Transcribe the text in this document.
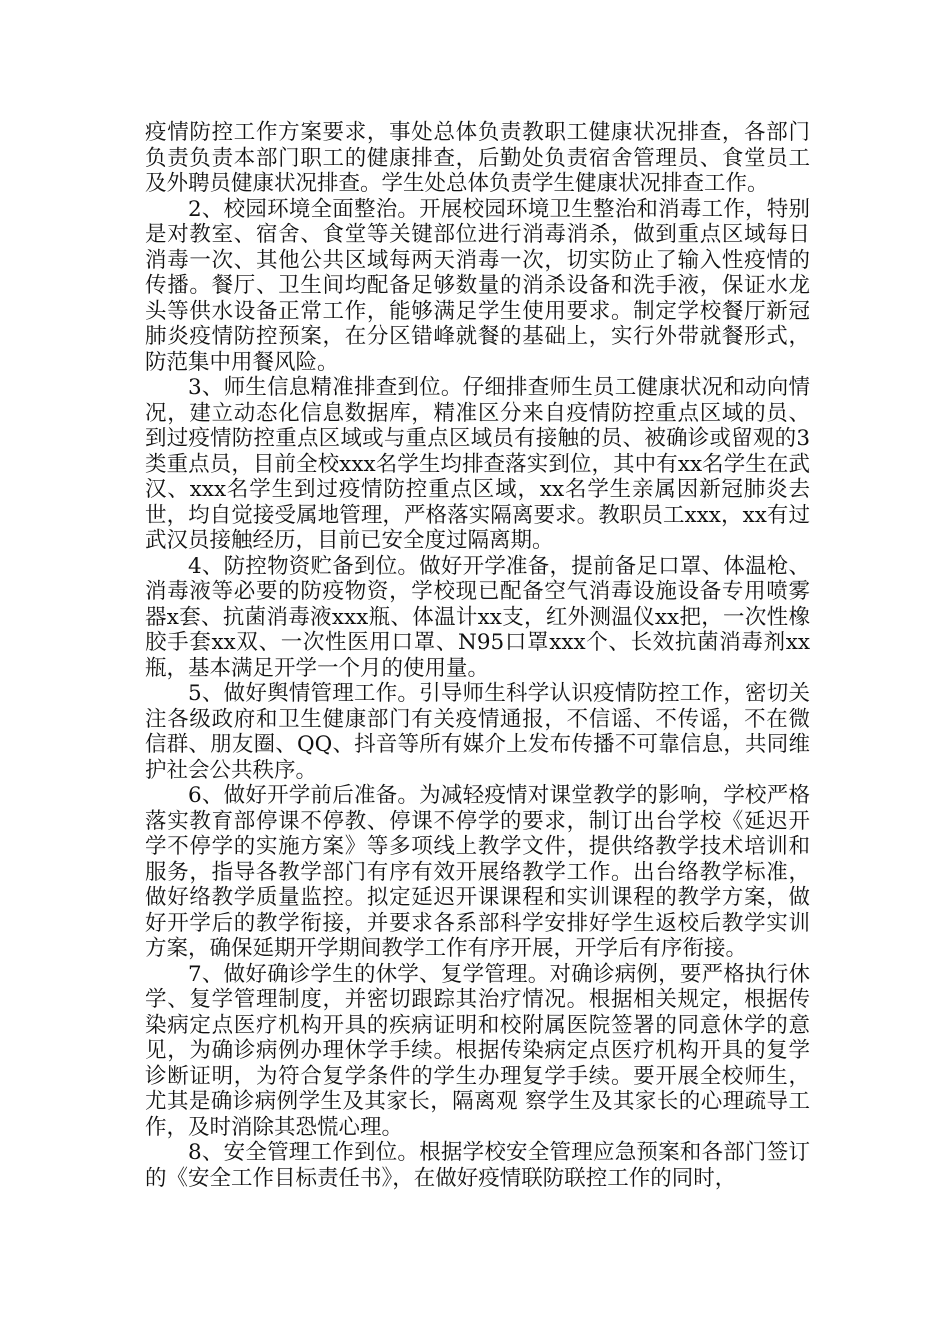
疫情防控工作方案要求，事处总体负责教职工健康状况排查，各部门负责负责本部门职工的健康排查，后勤处负责宿舍管理员、食堂员工及外聘员健康状况排查。学生处总体负责学生健康状况排查工作。

2、校园环境全面整治。开展校园环境卫生整治和消毒工作，特别是对教室、宿舍、食堂等关键部位进行消毒消杀，做到重点区域每日消毒一次、其他公共区域每两天消毒一次，切实防止了输入性疫情的传播。餐厅、卫生间均配备足够数量的消杀设备和洗手液，保证水龙头等供水设备正常工作，能够满足学生使用要求。制定学校餐厅新冠肺炎疫情防控预案，在分区错峰就餐的基础上，实行外带就餐形式，防范集中用餐风险。

3、师生信息精准排查到位。仔细排查师生员工健康状况和动向情况，建立动态化信息数据库，精准区分来自疫情防控重点区域的员、到过疫情防控重点区域或与重点区域员有接触的员、被确诊或留观的3类重点员，目前全校xxx名学生均排查落实到位，其中有xx名学生在武汉、xxx名学生到过疫情防控重点区域，xx名学生亲属因新冠肺炎去世，均自觉接受属地管理，严格落实隔离要求。教职员工xxx，xx有过武汉员接触经历，目前已安全度过隔离期。

4、防控物资贮备到位。做好开学准备，提前备足口罩、体温枪、消毒液等必要的防疫物资，学校现已配备空气消毒设施设备专用喷雾器x套、抗菌消毒液xxx瓶、体温计xx支，红外测温仪xx把，一次性橡胶手套xx双、一次性医用口罩、N95口罩xxx个、长效抗菌消毒剂xx瓶，基本满足开学一个月的使用量。

5、做好舆情管理工作。引导师生科学认识疫情防控工作，密切关注各级政府和卫生健康部门有关疫情通报，不信谣、不传谣，不在微信群、朋友圈、QQ、抖音等所有媒介上发布传播不可靠信息，共同维护社会公共秩序。

6、做好开学前后准备。为减轻疫情对课堂教学的影响，学校严格落实教育部停课不停教、停课不停学的要求，制订出台学校《延迟开学不停学的实施方案》等多项线上教学文件，提供络教学技术培训和服务，指导各教学部门有序有效开展络教学工作。出台络教学标准，做好络教学质量监控。拟定延迟开课课程和实训课程的教学方案，做好开学后的教学衔接，并要求各系部科学安排好学生返校后教学实训方案，确保延期开学期间教学工作有序开展，开学后有序衔接。

7、做好确诊学生的休学、复学管理。对确诊病例，要严格执行休学、复学管理制度，并密切跟踪其治疗情况。根据相关规定，根据传染病定点医疗机构开具的疾病证明和校附属医院签署的同意休学的意见，为确诊病例办理休学手续。根据传染病定点医疗机构开具的复学诊断证明，为符合复学条件的学生办理复学手续。要开展全校师生，尤其是确诊病例学生及其家长，隔离观 察学生及其家长的心理疏导工作，及时消除其恐慌心理。

8、安全管理工作到位。根据学校安全管理应急预案和各部门签订的《安全工作目标责任书》，在做好疫情联防联控工作的同时，
